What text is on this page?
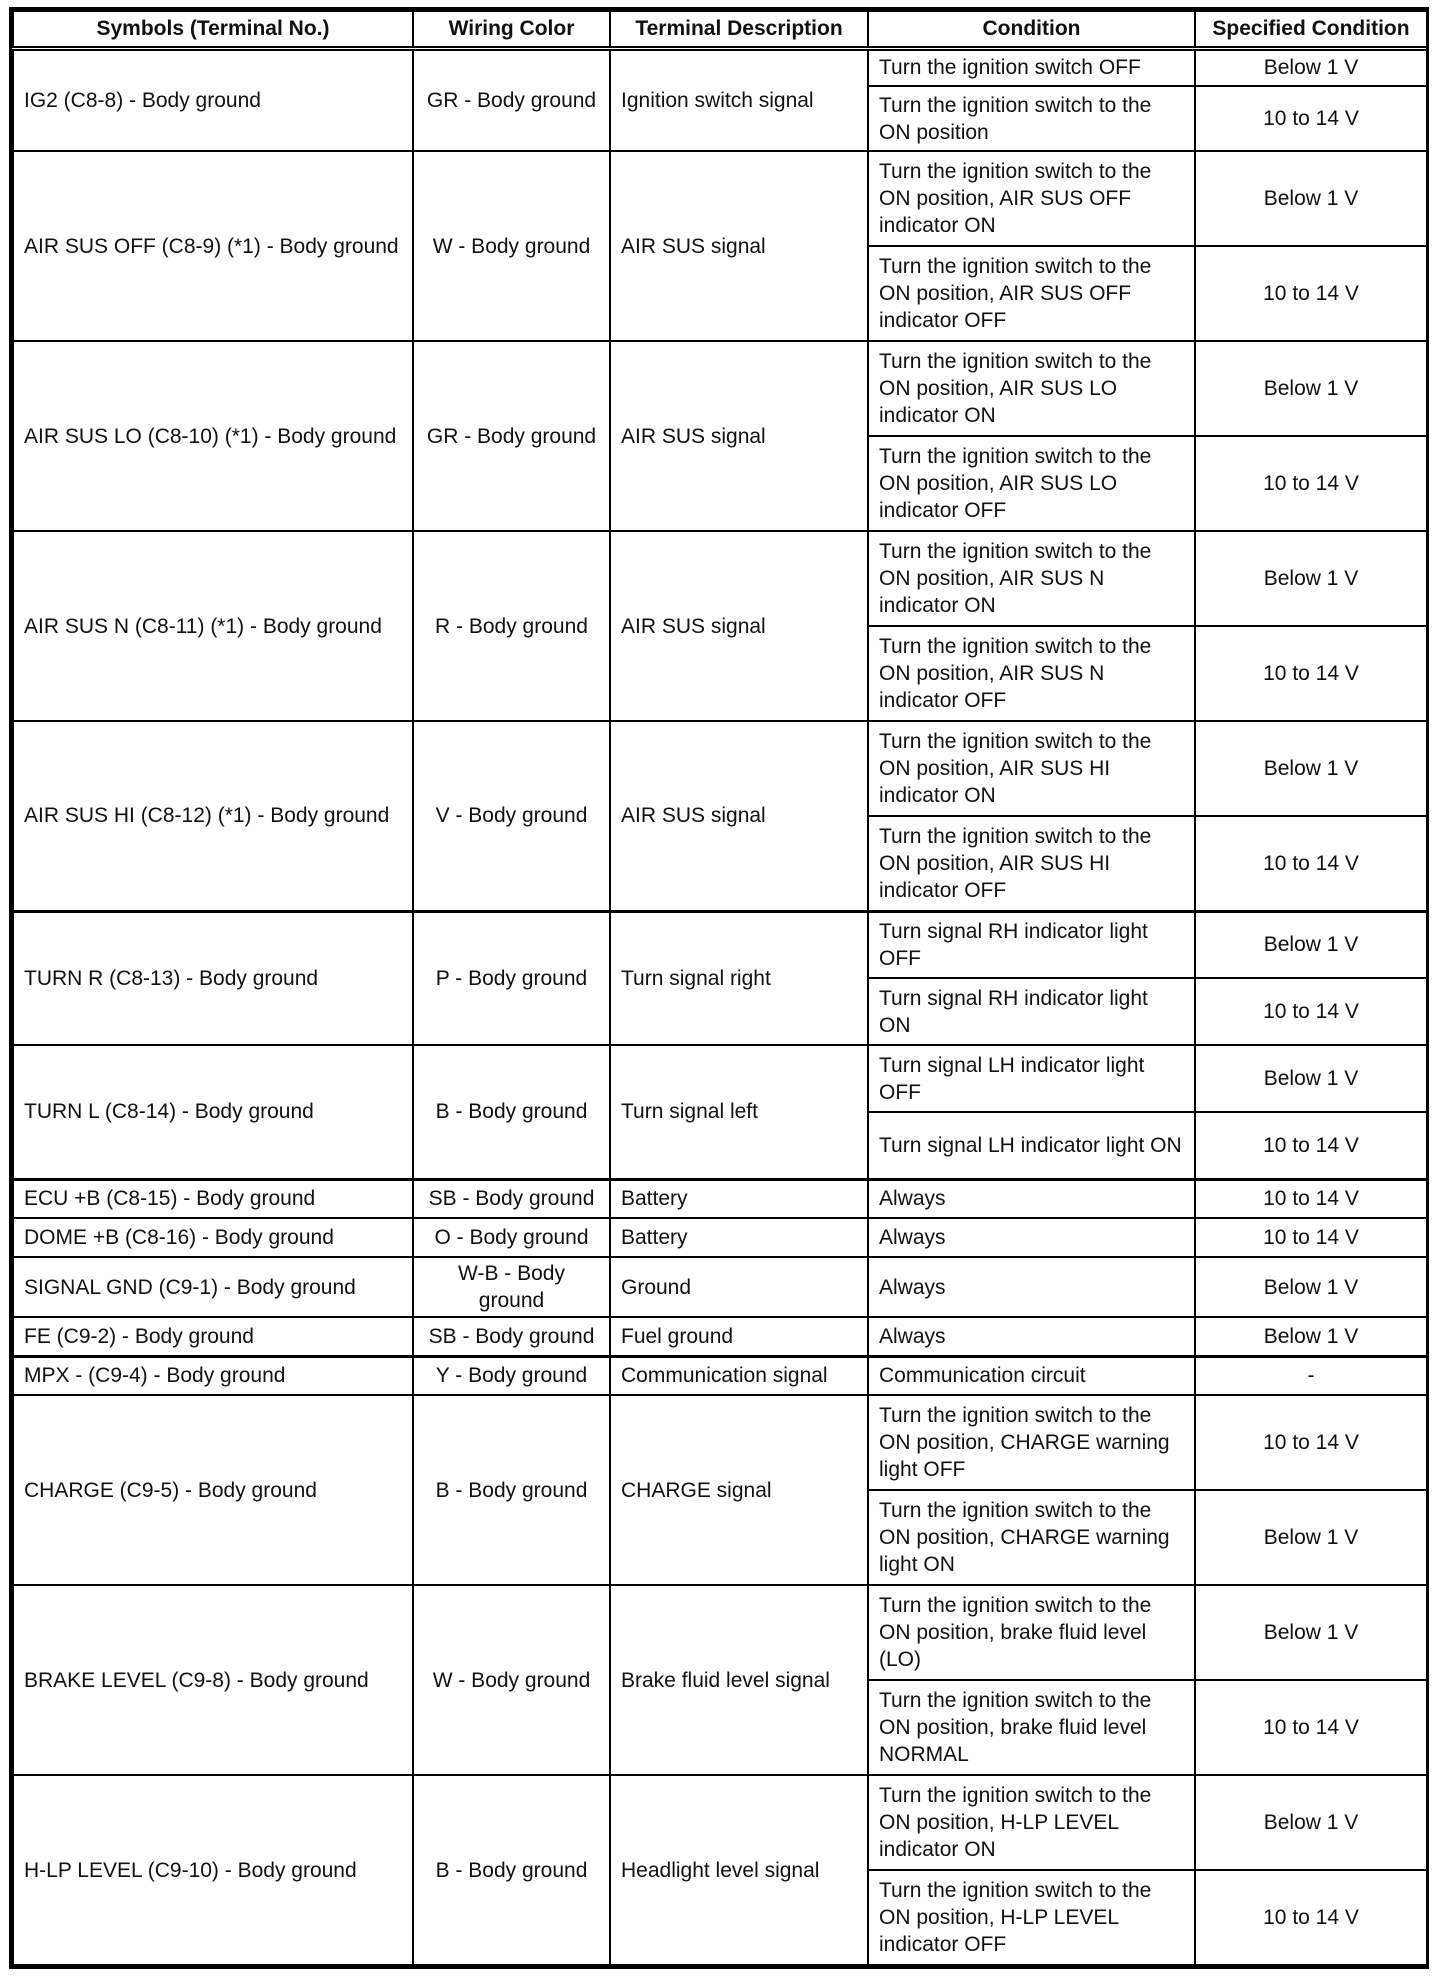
Symbols (Terminal No.)	Wiring Color	Terminal Description	Condition	Specified Condition
IG2 (C8-8) - Body ground	GR - Body ground	Ignition switch signal	Turn the ignition switch OFF	Below 1 V
			Turn the ignition switch to the ON position	10 to 14 V
AIR SUS OFF (C8-9) (*1) - Body ground	W - Body ground	AIR SUS signal	Turn the ignition switch to the ON position, AIR SUS OFF indicator ON	Below 1 V
			Turn the ignition switch to the ON position, AIR SUS OFF indicator OFF	10 to 14 V
AIR SUS LO (C8-10) (*1) - Body ground	GR - Body ground	AIR SUS signal	Turn the ignition switch to the ON position, AIR SUS LO indicator ON	Below 1 V
			Turn the ignition switch to the ON position, AIR SUS LO indicator OFF	10 to 14 V
AIR SUS N (C8-11) (*1) - Body ground	R - Body ground	AIR SUS signal	Turn the ignition switch to the ON position, AIR SUS N indicator ON	Below 1 V
			Turn the ignition switch to the ON position, AIR SUS N indicator OFF	10 to 14 V
AIR SUS HI (C8-12) (*1) - Body ground	V - Body ground	AIR SUS signal	Turn the ignition switch to the ON position, AIR SUS HI indicator ON	Below 1 V
			Turn the ignition switch to the ON position, AIR SUS HI indicator OFF	10 to 14 V
TURN R (C8-13) - Body ground	P - Body ground	Turn signal right	Turn signal RH indicator light OFF	Below 1 V
			Turn signal RH indicator light ON	10 to 14 V
TURN L (C8-14) - Body ground	B - Body ground	Turn signal left	Turn signal LH indicator light OFF	Below 1 V
			Turn signal LH indicator light ON	10 to 14 V
ECU +B (C8-15) - Body ground	SB - Body ground	Battery	Always	10 to 14 V
DOME +B (C8-16) - Body ground	O - Body ground	Battery	Always	10 to 14 V
SIGNAL GND (C9-1) - Body ground	W-B - Body ground	Ground	Always	Below 1 V
FE (C9-2) - Body ground	SB - Body ground	Fuel ground	Always	Below 1 V
MPX - (C9-4) - Body ground	Y - Body ground	Communication signal	Communication circuit	-
CHARGE (C9-5) - Body ground	B - Body ground	CHARGE signal	Turn the ignition switch to the ON position, CHARGE warning light OFF	10 to 14 V
			Turn the ignition switch to the ON position, CHARGE warning light ON	Below 1 V
BRAKE LEVEL (C9-8) - Body ground	W - Body ground	Brake fluid level signal	Turn the ignition switch to the ON position, brake fluid level (LO)	Below 1 V
			Turn the ignition switch to the ON position, brake fluid level NORMAL	10 to 14 V
H-LP LEVEL (C9-10) - Body ground	B - Body ground	Headlight level signal	Turn the ignition switch to the ON position, H-LP LEVEL indicator ON	Below 1 V
			Turn the ignition switch to the ON position, H-LP LEVEL indicator OFF	10 to 14 V
